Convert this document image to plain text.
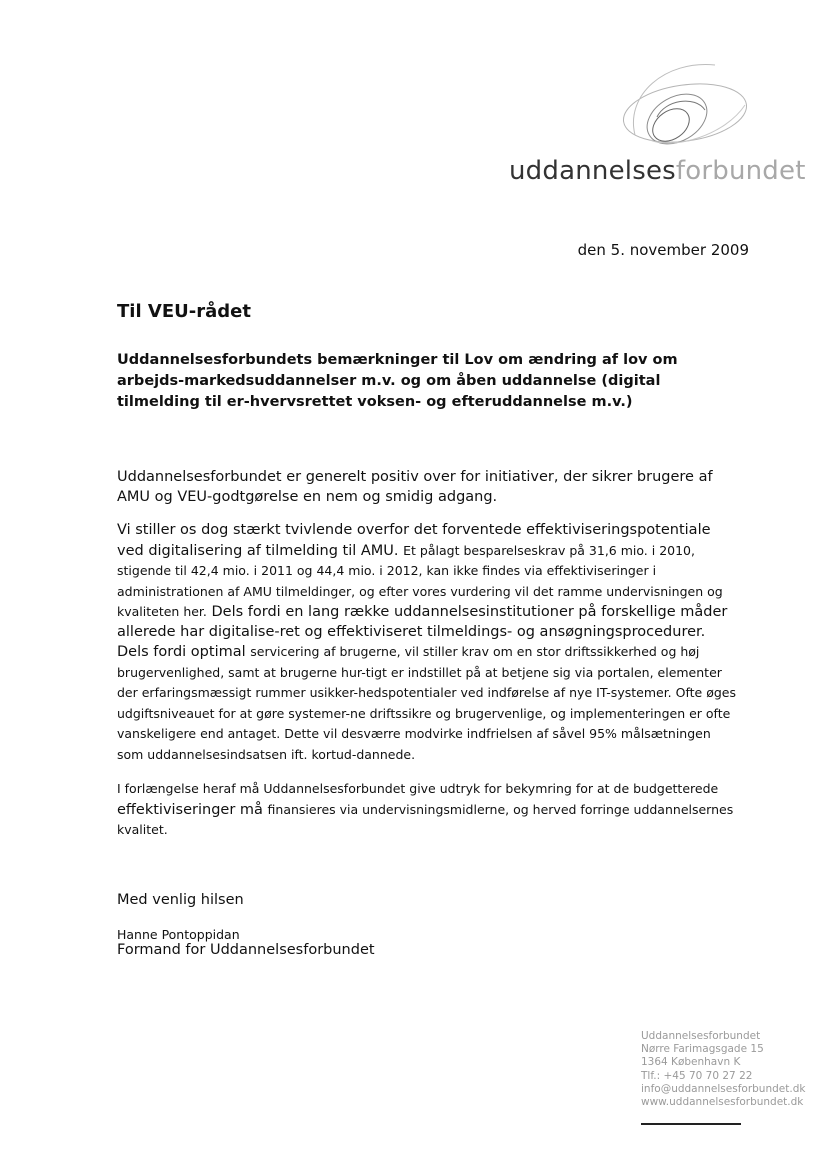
uddannelsesforbundet
den 5. november 2009
Til VEU-rådet
Uddannelsesforbundets bemærkninger til Lov om ændring af lov om arbejds-markedsuddannelser m.v. og om åben uddannelse (digital tilmelding til er-hvervsrettet voksen- og efteruddannelse m.v.)

Uddannelsesforbundet er generelt positiv over for initiativer, der sikrer brugere af AMU og VEU-godtgørelse en nem og smidig adgang.

Vi stiller os dog stærkt tvivlende overfor det forventede effektiviseringspotentiale ved digitalisering af tilmelding til AMU. Et pålagt besparelseskrav på 31,6 mio. i 2010, stigende til 42,4 mio. i 2011 og 44,4 mio. i 2012, kan ikke findes via effektiviseringer i administrationen af AMU tilmeldinger, og efter vores vurdering vil det ramme undervisningen og kvaliteten her. Dels fordi en lang række uddannelsesinstitutioner på forskellige måder allerede har digitalise-ret og effektiviseret tilmeldings- og ansøgningsprocedurer. Dels fordi optimal servicering af brugerne, vil stiller krav om en stor driftssikkerhed og høj brugervenlighed, samt at brugerne hur-tigt er indstillet på at betjene sig via portalen, elementer der erfaringsmæssigt rummer usikker-hedspotentialer ved indførelse af nye IT-systemer. Ofte øges udgiftsniveauet for at gøre systemer-ne driftssikre og brugervenlige, og implementeringen er ofte vanskeligere end antaget. Dette vil desværre modvirke indfrielsen af såvel 95% målsætningen som uddannelsesindsatsen ift. kortud-dannede.

I forlængelse heraf må Uddannelsesforbundet give udtryk for bekymring for at de budgetterede effektiviseringer må finansieres via undervisningsmidlerne, og herved forringe uddannelsernes kvalitet.

Med venlig hilsen
Hanne Pontoppidan
Formand for Uddannelsesforbundet
Uddannelsesforbundet
Nørre Farimagsgade 15
1364 København K
Tlf.: +45 70 70 27 22
info@uddannelsesforbundet.dk
www.uddannelsesforbundet.dk
